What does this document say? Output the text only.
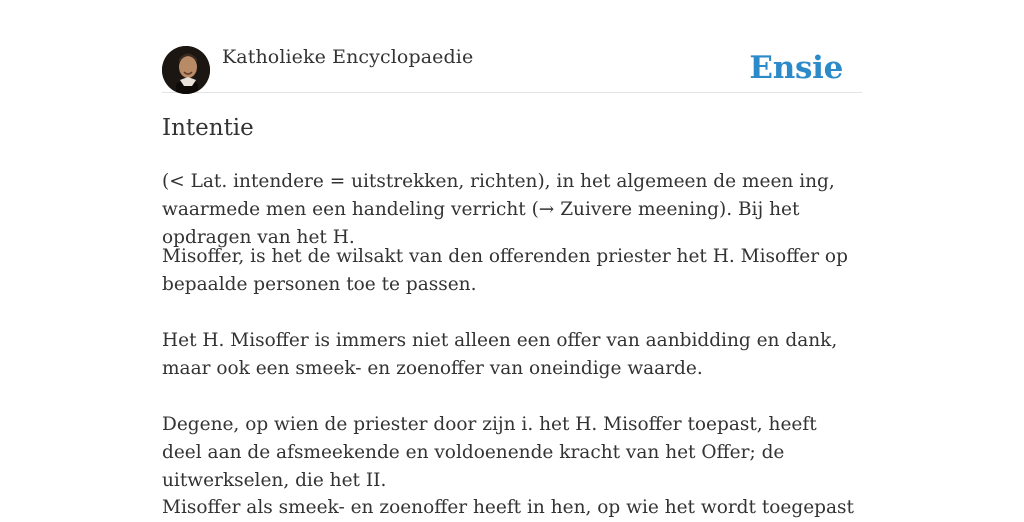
Katholieke Encyclopaedie	Ensie
Intentie

(< Lat. intendere = uitstrekken, richten), in het algemeen de meen ing, waarmede men een handeling verricht (→ Zuivere meening). Bij het opdragen van het H.

Misoffer, is het de wilsakt van den offerenden priester het H. Misoffer op bepaalde personen toe te passen.

Het H. Misoffer is immers niet alleen een offer van aanbidding en dank, maar ook een smeek- en zoenoffer van oneindige waarde.

Degene, op wien de priester door zijn i. het H. Misoffer toepast, heeft deel aan de afsmeekende en voldoenende kracht van het Offer; de uitwerkselen, die het II.

Misoffer als smeek- en zoenoffer heeft in hen, op wie het wordt toegepast
